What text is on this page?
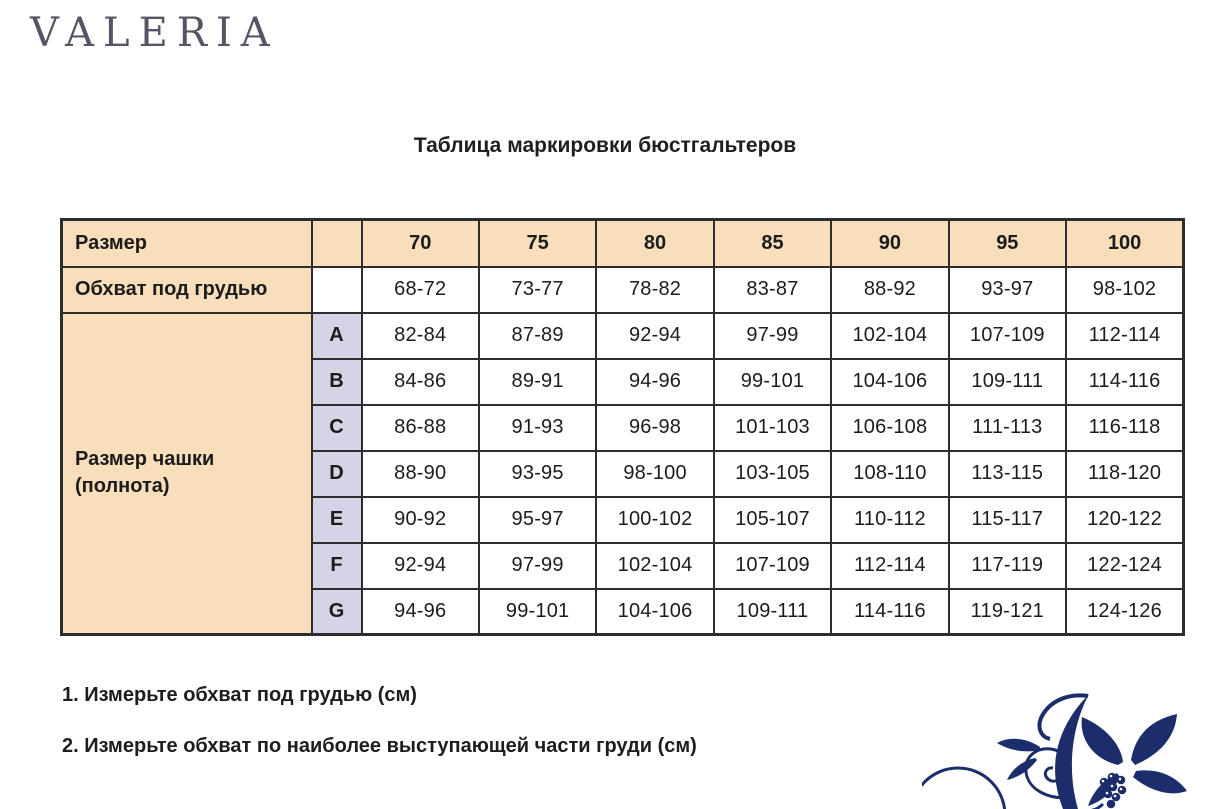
VALERIA
Таблица маркировки бюстгальтеров
Размер		70	75	80	85	90	95	100
Обхват под грудью		68-72	73-77	78-82	83-87	88-92	93-97	98-102
Размер чашки
(полнота)	A	82-84	87-89	92-94	97-99	102-104	107-109	112-114
	B	84-86	89-91	94-96	99-101	104-106	109-111	114-116
	C	86-88	91-93	96-98	101-103	106-108	111-113	116-118
	D	88-90	93-95	98-100	103-105	108-110	113-115	118-120
	E	90-92	95-97	100-102	105-107	110-112	115-117	120-122
	F	92-94	97-99	102-104	107-109	112-114	117-119	122-124
	G	94-96	99-101	104-106	109-111	114-116	119-121	124-126

1. Измерьте обхват под грудью (см)

2. Измерьте обхват по наиболее выступающей части груди (см)
